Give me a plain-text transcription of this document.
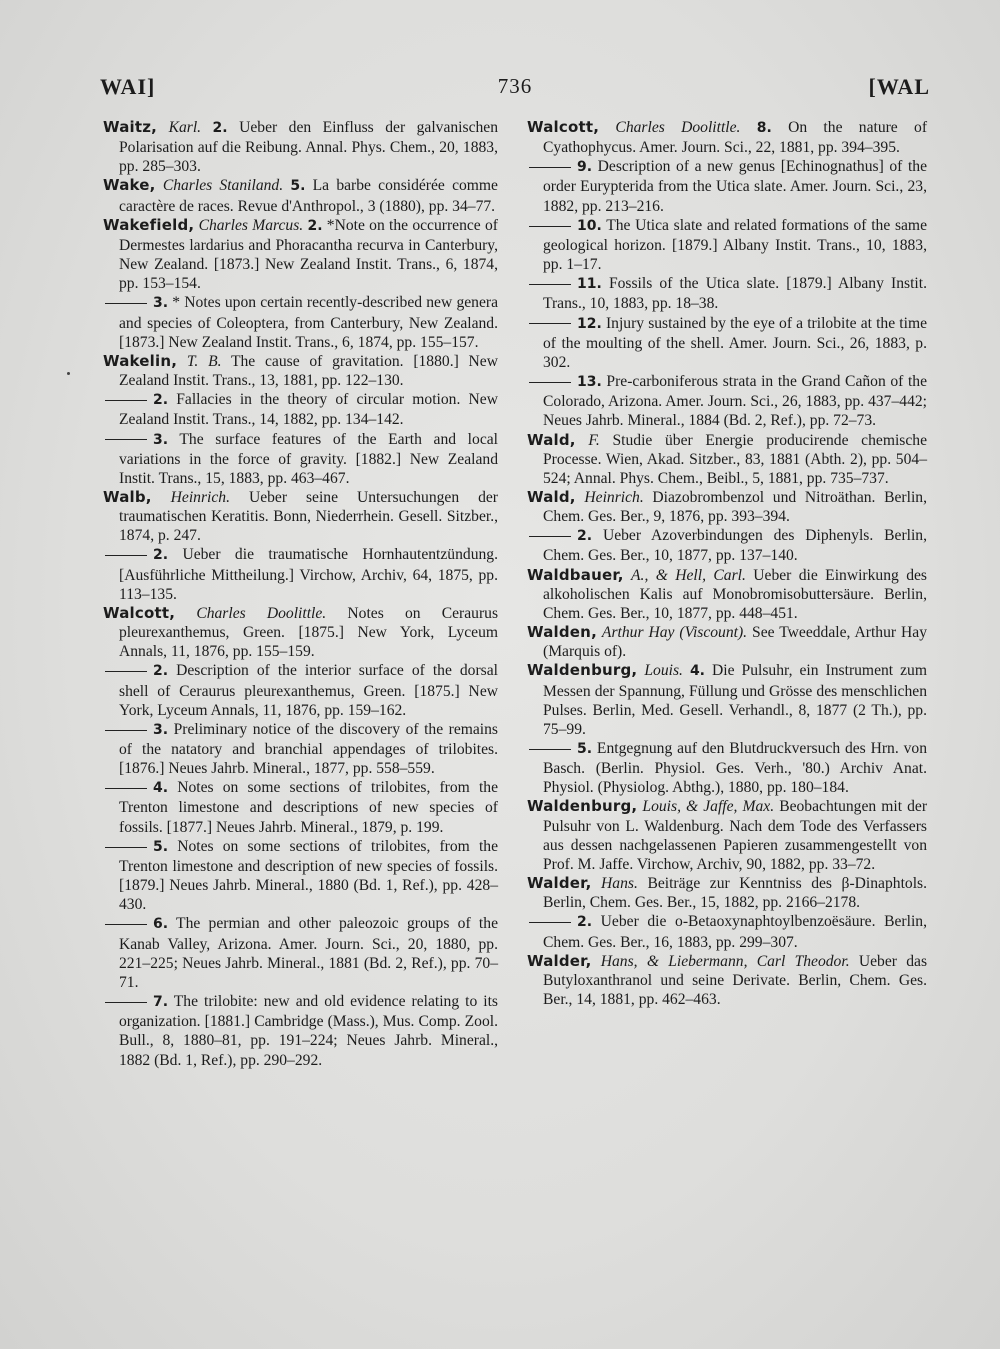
WAI]	736	[WAL
Waitz, Karl. 2. Ueber den Einfluss der galvanischen Polarisation auf die Reibung. Annal. Phys. Chem., 20, 1883, pp. 285–303.
Wake, Charles Staniland. 5. La barbe considérée comme caractère de races. Revue d'Anthropol., 3 (1880), pp. 34–77.
Wakefield, Charles Marcus. 2. *Note on the occurrence of Dermestes lardarius and Phoracantha recurva in Canterbury, New Zealand. [1873.] New Zealand Instit. Trans., 6, 1874, pp. 153–154.
3. * Notes upon certain recently-described new genera and species of Coleoptera, from Canterbury, New Zealand. [1873.] New Zealand Instit. Trans., 6, 1874, pp. 155–157.
Wakelin, T. B. The cause of gravitation. [1880.] New Zealand Instit. Trans., 13, 1881, pp. 122–130.
2. Fallacies in the theory of circular motion. New Zealand Instit. Trans., 14, 1882, pp. 134–142.
3. The surface features of the Earth and local variations in the force of gravity. [1882.] New Zealand Instit. Trans., 15, 1883, pp. 463–467.
Walb, Heinrich. Ueber seine Untersuchungen der traumatischen Keratitis. Bonn, Niederrhein. Gesell. Sitzber., 1874, p. 247.
2. Ueber die traumatische Hornhautentzündung. [Ausführliche Mittheilung.] Virchow, Archiv, 64, 1875, pp. 113–135.
Walcott, Charles Doolittle. Notes on Ceraurus pleurexanthemus, Green. [1875.] New York, Lyceum Annals, 11, 1876, pp. 155–159.
2. Description of the interior surface of the dorsal shell of Ceraurus pleurexanthemus, Green. [1875.] New York, Lyceum Annals, 11, 1876, pp. 159–162.
3. Preliminary notice of the discovery of the remains of the natatory and branchial appendages of trilobites. [1876.] Neues Jahrb. Mineral., 1877, pp. 558–559.
4. Notes on some sections of trilobites, from the Trenton limestone and descriptions of new species of fossils. [1877.] Neues Jahrb. Mineral., 1879, p. 199.
5. Notes on some sections of trilobites, from the Trenton limestone and description of new species of fossils. [1879.] Neues Jahrb. Mineral., 1880 (Bd. 1, Ref.), pp. 428–430.
6. The permian and other paleozoic groups of the Kanab Valley, Arizona. Amer. Journ. Sci., 20, 1880, pp. 221–225; Neues Jahrb. Mineral., 1881 (Bd. 2, Ref.), pp. 70–71.
7. The trilobite: new and old evidence relating to its organization. [1881.] Cambridge (Mass.), Mus. Comp. Zool. Bull., 8, 1880–81, pp. 191–224; Neues Jahrb. Mineral., 1882 (Bd. 1, Ref.), pp. 290–292.
Walcott, Charles Doolittle. 8. On the nature of Cyathophycus. Amer. Journ. Sci., 22, 1881, pp. 394–395.
9. Description of a new genus [Echinognathus] of the order Eurypterida from the Utica slate. Amer. Journ. Sci., 23, 1882, pp. 213–216.
10. The Utica slate and related formations of the same geological horizon. [1879.] Albany Instit. Trans., 10, 1883, pp. 1–17.
11. Fossils of the Utica slate. [1879.] Albany Instit. Trans., 10, 1883, pp. 18–38.
12. Injury sustained by the eye of a trilobite at the time of the moulting of the shell. Amer. Journ. Sci., 26, 1883, p. 302.
13. Pre-carboniferous strata in the Grand Cañon of the Colorado, Arizona. Amer. Journ. Sci., 26, 1883, pp. 437–442; Neues Jahrb. Mineral., 1884 (Bd. 2, Ref.), pp. 72–73.
Wald, F. Studie über Energie producirende chemische Processe. Wien, Akad. Sitzber., 83, 1881 (Abth. 2), pp. 504–524; Annal. Phys. Chem., Beibl., 5, 1881, pp. 735–737.
Wald, Heinrich. Diazobrombenzol und Nitroäthan. Berlin, Chem. Ges. Ber., 9, 1876, pp. 393–394.
2. Ueber Azoverbindungen des Diphenyls. Berlin, Chem. Ges. Ber., 10, 1877, pp. 137–140.
Waldbauer, A., & Hell, Carl. Ueber die Einwirkung des alkoholischen Kalis auf Monobromisobuttersäure. Berlin, Chem. Ges. Ber., 10, 1877, pp. 448–451.
Walden, Arthur Hay (Viscount). See Tweeddale, Arthur Hay (Marquis of).
Waldenburg, Louis. 4. Die Pulsuhr, ein Instrument zum Messen der Spannung, Füllung und Grösse des menschlichen Pulses. Berlin, Med. Gesell. Verhandl., 8, 1877 (2 Th.), pp. 75–99.
5. Entgegnung auf den Blutdruckversuch des Hrn. von Basch. (Berlin. Physiol. Ges. Verh., '80.) Archiv Anat. Physiol. (Physiolog. Abthg.), 1880, pp. 180–184.
Waldenburg, Louis, & Jaffe, Max. Beobachtungen mit der Pulsuhr von L. Waldenburg. Nach dem Tode des Verfassers aus dessen nachgelassenen Papieren zusammengestellt von Prof. M. Jaffe. Virchow, Archiv, 90, 1882, pp. 33–72.
Walder, Hans. Beiträge zur Kenntniss des β-Dinaphtols. Berlin, Chem. Ges. Ber., 15, 1882, pp. 2166–2178.
2. Ueber die o-Betaoxynaphtoylbenzoësäure. Berlin, Chem. Ges. Ber., 16, 1883, pp. 299–307.
Walder, Hans, & Liebermann, Carl Theodor. Ueber das Butyloxanthranol und seine Derivate. Berlin, Chem. Ges. Ber., 14, 1881, pp. 462–463.
